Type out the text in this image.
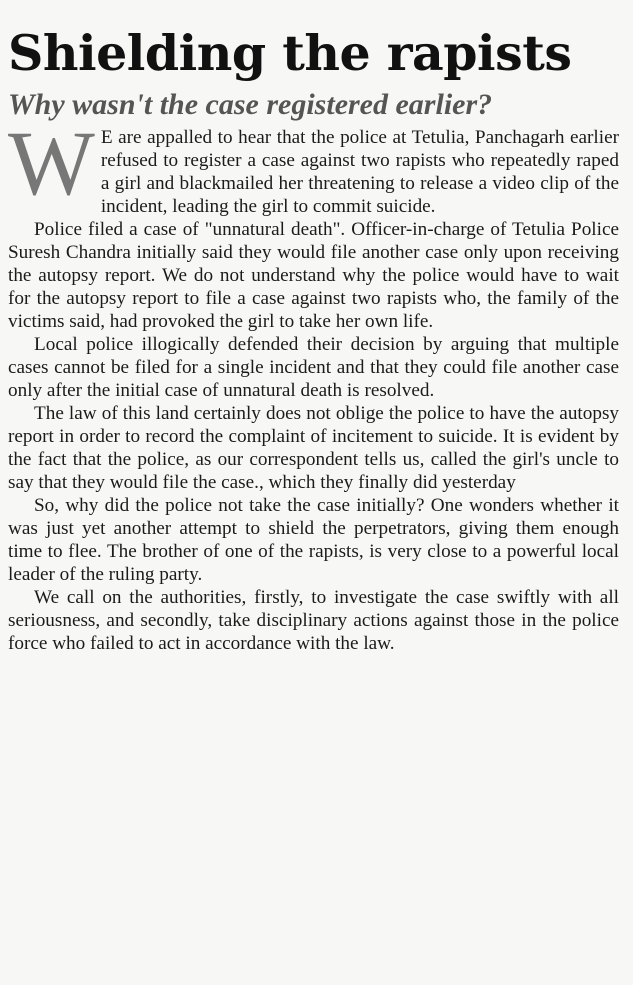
Shielding the rapists
Why wasn't the case registered earlier?

W E are appalled to hear that the police at Tetulia, Panchagarh earlier refused to register a case against two rapists who repeatedly raped a girl and blackmailed her threatening to release a video clip of the incident, leading the girl to commit suicide.

Police filed a case of "unnatural death". Officer-in-charge of Tetulia Police Suresh Chandra initially said they would file another case only upon receiving the autopsy report. We do not understand why the police would have to wait for the autopsy report to file a case against two rapists who, the family of the victims said, had provoked the girl to take her own life.

Local police illogically defended their decision by arguing that multiple cases cannot be filed for a single incident and that they could file another case only after the initial case of unnatural death is resolved.

The law of this land certainly does not oblige the police to have the autopsy report in order to record the complaint of incitement to suicide. It is evident by the fact that the police, as our correspondent tells us, called the girl's uncle to say that they would file the case., which they finally did yesterday

So, why did the police not take the case initially? One wonders whether it was just yet another attempt to shield the perpetrators, giving them enough time to flee. The brother of one of the rapists, is very close to a powerful local leader of the ruling party.

We call on the authorities, firstly, to investigate the case swiftly with all seriousness, and secondly, take disciplinary actions against those in the police force who failed to act in accordance with the law.
